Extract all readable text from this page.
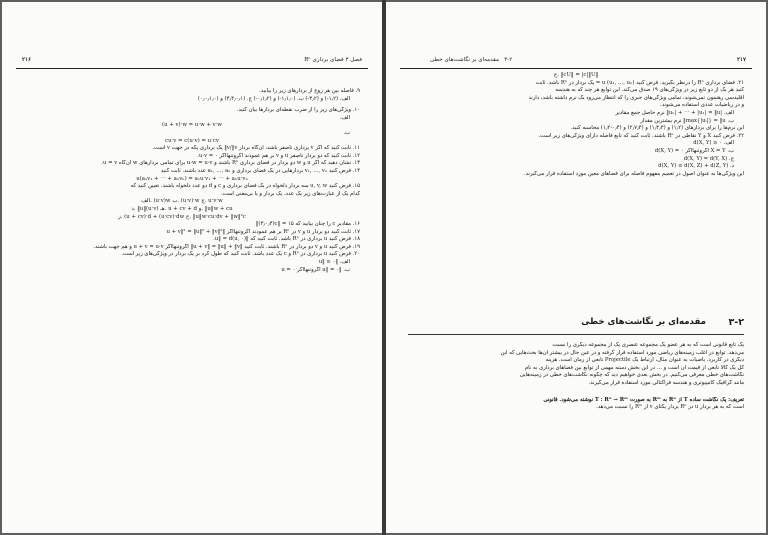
۲۱۶	فصل ۳ فضای برداری Rⁿ
۹. فاصله بین هر زوج از بردارهای زیر را بیابید.
الف. (۱٫۲-) و (۳٫۲-) ب. (۱٫۱٫۰-) و (۰٫۱٫۲-) ج. (۳٫۴٫۰٫۱) و (۰٫۰٫۱٫۰)
۱۰. ویژگی‌های زیر را از ضرب نقطه‌ای بردارها بیان کنید.
الف.
(u + v)·w = u·w + v·w
ب.
cu·v = c(u·v) = u·cv
۱۱. ثابت کنید که اگر v برداری ناصفر باشد، آن‌گاه بردار v/‖v‖ یک برداری یکه در جهت v است.
۱۲. ثابت کنید که دو بردار ناصفر u و v بر هم عمودند اگر‌وتنها‌اگر u·v = ۰.
۱۳. نشان دهید که اگر u و w دو بردار در فضای برداری Rⁿ باشند و u·w = u·v برای تمامی بردارهای w آن‌گاه u = v.
۱۴. فرض کنید v₁, …, vₙ بردارهایی در یک فضای برداری و a₁, …, aₙ عدد باشند. ثابت کنید
u(a₁v₁ + ⋯ + aₙvₙ) = a₁u·v₁ + ⋯ + aₙu·vₙ
۱۵. فرض کنید u, v, w سه بردار دلخواه در یک فضای برداری و c و d دو عدد دلخواه باشند. تعیین کنید که
کدام یک از عبارت‌های زیر یک عدد، یک بردار و یا بی‌معنی است.
الف. (u·v)w ب. (u·v)·w ج. u·v·w
د. ‖u‖(u·v) هـ. u + cv + d و. ‖u‖w + cu
ز. (u + cv)·d + (u·cv)·dw ح. ‖u‖w·cu·dv + ‖w‖²c
۱۶. مقادیر c را چنان بیابید که ۱۵ = ‖c(۳٫۰٫۴)‖
۱۷. ثابت کنید دو بردار u و v در Rⁿ بر هم عمودند اگروتنهااگر ‖u + v‖² = ‖u‖² + ‖v‖²
۱۸. فرض کنید u برداری در Rⁿ باشد. ثابت کنید که ‖u‖ = d(u, ۰).
۱۹. فرض کنید u و v دو بردار در Rⁿ باشند. ثابت کنید ‖u + v‖ = ‖u‖ + ‖v‖ اگروتنهااگر u + v = u·v و هم جهت باشند.
۲۰. فرض کنید u برداری در Rⁿ و c یک عدد باشد. ثابت کنید که طول کرد بر یک بردار در ویژگی‌های زیر است.
الف. ‖u‖ ≥ ۰
ب. ‖u‖ = ۰ اگروتنهااگر u = ۰
۲۱۷
۳-۲   مقدمه‌ای بر نگاشت‌های خطی
ج. ‖cU‖ = |c|‖U‖
۲۱. فضای برداری Rⁿ را درنظر بگیرید. فرض کنید (u₁, …, uₙ) u = یک بردار در Rⁿ باشد. ثابت
کنید هر یک از دو تابع زیر در ویژگی‌های ۱۹ صدق می‌کند. این توابع هر چند که به هندسه
اقلیدسی رهنمون نمی‌شوند، تمامی ویژگی‌های جبری را که انتظار می‌رود یک نرم داشته باشد، دارند
و در ریاضیات عددی استفاده می‌شوند.
الف. |uₙ| + ⋯ + |u₁| = ‖u‖ نرم حاصل جمع مقادیر
ب. max{|uᵢ|} = ‖u‖ نرم بیشترین مقدار
این نرم‌ها را برای بردارهای (۱٫۲) و (۱٫۴٫۴) و (۲٫۷٫۴) و (۰٫۴-۱٫۲) محاسبه کنید.
۲۲. فرض کنید X و Y نقاطی در Rⁿ باشند. ثابت کنید که تابع فاصله دارای ویژگی‌های زیر است.
الف. d(X, Y) ≥ ۰
ب. X = Y اگروتنهااگر d(X, Y) = ۰
ج. d(X, Y) = d(Y, X)
د. d(X, Y) ≤ d(X, Z) + d(Z, Y)
این ویژگی‌ها به عنوان اصول در تعمیم مفهوم فاصله برای فضاهای معین مورد استفاده قرار می‌گیرند.
۳-۲
مقدمه‌ای بر نگاشت‌های خطی
یک تابع قانونی است که به هر عضو یک مجموعه عنصری یک از مجموعه دیگری را نسبت
می‌دهد. توابع در اغلب زمینه‌های ریاضی مورد استفاده قرار گرفته و در عین حال در بیشتر آن‌ها بحث‌هایی که این
دیگری در کاربرد. یاضیات به عنوان مثال، ارتباط یک Projectile تابعی از زمان است. هزینه
کل یک کالا تابعی از قیمت آن است و … در این بخش دسته مهمی از توابع بین فضاهای برداری به نام
نگاشت‌های خطی معرفی می‌کنیم. در بخش بعدی خواهیم دید که چگونه نگاشت‌های خطی در زمینه‌هایی
مانند گرافیک کامپیوتری و هندسه فراکتالی مورد استفاده قرار می‌گیرند.
تعریف: یک نگاشت ساده T از Rⁿ به Rᵐ به صورت T : Rⁿ → Rᵐ نوشته می‌شود. قانونی
است که به هر بردار u در Rⁿ بردار یکتای v از Rᵐ را نسبت می‌دهد.
